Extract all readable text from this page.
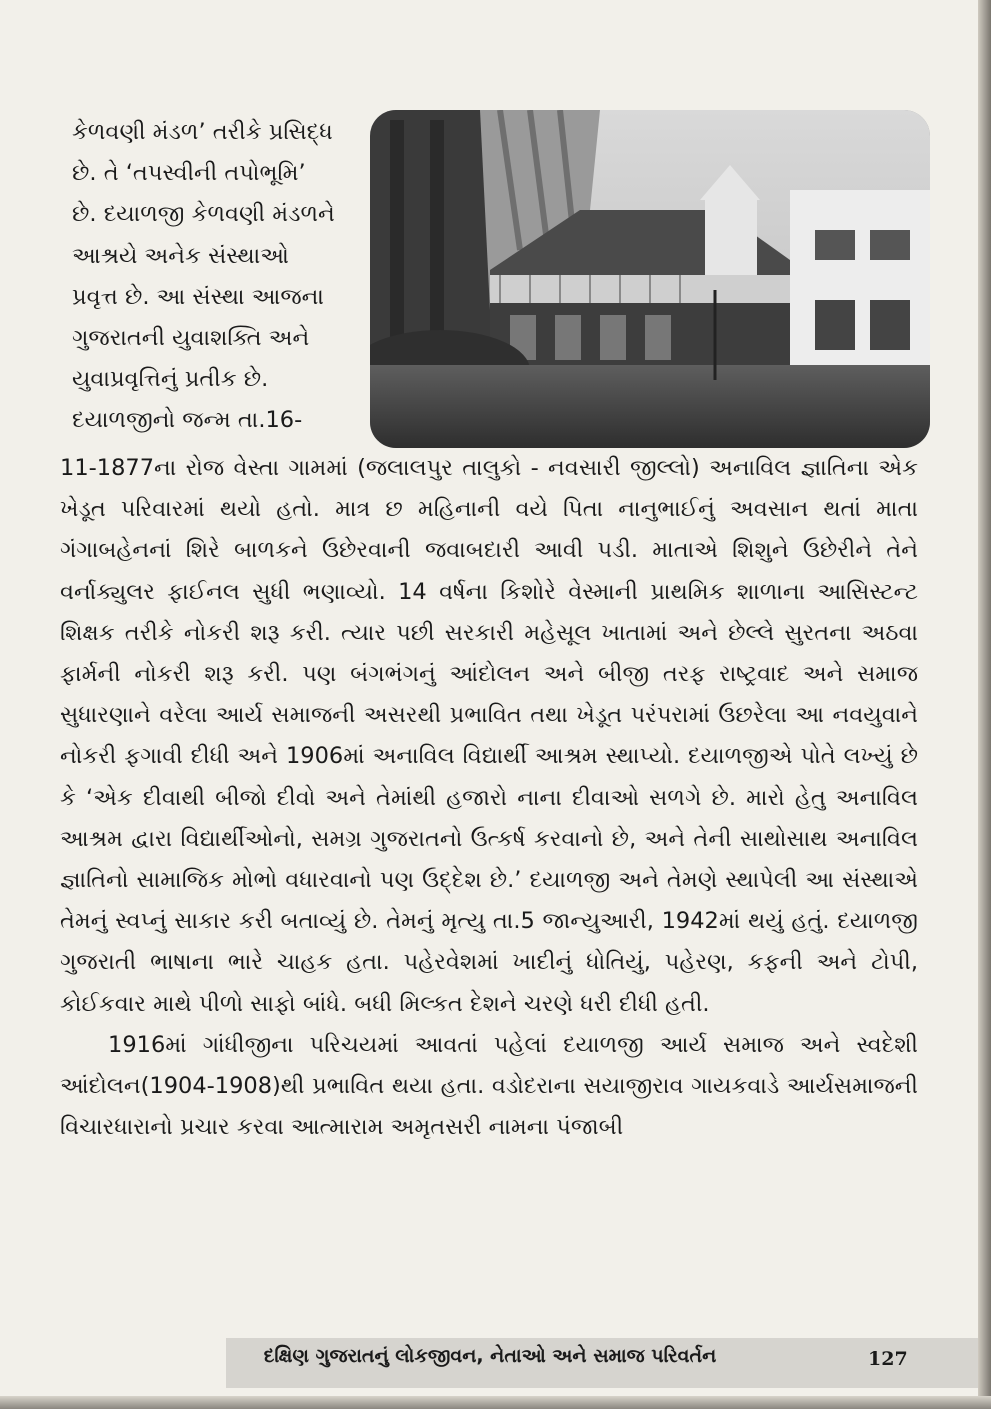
કેળવણી મંડળ’ તરીકે પ્રસિદ્ધ
છે. તે ‘તપસ્વીની તપોભૂમિ’
છે. દયાળજી કેળવણી મંડળને
આશ્રયે અનેક સંસ્થાઓ
પ્રવૃત્ત છે. આ સંસ્થા આજના
ગુજરાતની યુવાશક્તિ અને
યુવાપ્રવૃત્તિનું પ્રતીક છે.
દયાળજીનો જન્મ તા.16-

11-1877ના રોજ વેસ્તા ગામમાં (જલાલપુર તાલુકો - નવસારી જીલ્લો) અનાવિલ જ્ઞાતિના એક ખેડૂત પરિવારમાં થયો હતો. માત્ર છ મહિનાની વયે પિતા નાનુભાઈનું અવસાન થતાં માતા ગંગાબહેનનાં શિરે બાળકને ઉછેરવાની જવાબદારી આવી પડી. માતાએ શિશુને ઉછેરીને તેને વર્નાક્યુલર ફાઈનલ સુધી ભણાવ્યો. 14 વર્ષના કિશોરે વેસ્માની પ્રાથમિક શાળાના આસિસ્ટન્ટ શિક્ષક તરીકે નોકરી શરૂ કરી. ત્યાર પછી સરકારી મહેસૂલ ખાતામાં અને છેલ્લે સુરતના અઠવા ફાર્મની નોકરી શરૂ કરી. પણ બંગભંગનું આંદોલન અને બીજી તરફ રાષ્ટ્રવાદ અને સમાજ સુધારણાને વરેલા આર્ય સમાજની અસરથી પ્રભાવિત તથા ખેડૂત પરંપરામાં ઉછરેલા આ નવયુવાને નોકરી ફગાવી દીધી અને 1906માં અનાવિલ વિદ્યાર્થી આશ્રમ સ્થાપ્યો. દયાળજીએ પોતે લખ્યું છે કે ‘એક દીવાથી બીજો દીવો અને તેમાંથી હજારો નાના દીવાઓ સળગે છે. મારો હેતુ અનાવિલ આશ્રમ દ્વારા વિદ્યાર્થીઓનો, સમગ્ર ગુજરાતનો ઉત્કર્ષ કરવાનો છે, અને તેની સાથોસાથ અનાવિલ જ્ઞાતિનો સામાજિક મોભો વધારવાનો પણ ઉદ્દેશ છે.’ દયાળજી અને તેમણે સ્થાપેલી આ સંસ્થાએ તેમનું સ્વપ્નું સાકાર કરી બતાવ્યું છે. તેમનું મૃત્યુ તા.5 જાન્યુઆરી, 1942માં થયું હતું. દયાળજી ગુજરાતી ભાષાના ભારે ચાહક હતા. પહેરવેશમાં ખાદીનું ધોતિયું, પહેરણ, કફની અને ટોપી, કોઈકવાર માથે પીળો સાફો બાંધે. બધી મિલ્કત દેશને ચરણે ધરી દીધી હતી.

1916માં ગાંધીજીના પરિચયમાં આવતાં પહેલાં દયાળજી આર્ય સમાજ અને સ્વદેશી આંદોલન(1904-1908)થી પ્રભાવિત થયા હતા. વડોદરાના સયાજીરાવ ગાયકવાડે આર્યસમાજની વિચારધારાનો પ્રચાર કરવા આત્મારામ અમૃતસરી નામના પંજાબી

દક્ષિણ ગુજરાતનું લોકજીવન, નેતાઓ અને સમાજ પરિવર્તન	127
